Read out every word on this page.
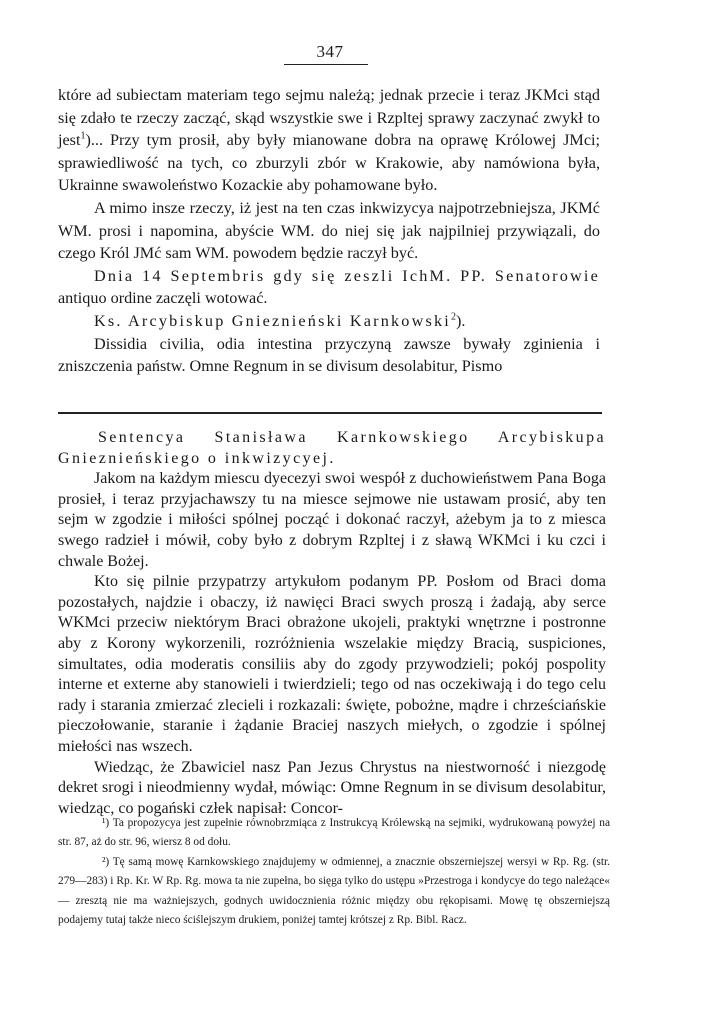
347

które ad subiectam materiam tego sejmu należą; jednak przecie i teraz JKMci stąd się zdało te rzeczy zacząć, skąd wszystkie swe i Rzpltej sprawy zaczynać zwykł to jest$^1$)... Przy tym prosił, aby były mianowane dobra na oprawę Królowej JMci; sprawiedliwość na tych, co zburzyli zbór w Krakowie, aby namówiona była, Ukrainne swawoleństwo Kozackie aby pohamowane było.

A mimo insze rzeczy, iż jest na ten czas inkwizycya najpotrzebniejsza, JKMć WM. prosi i napomina, abyście WM. do niej się jak najpilniej przywiązali, do czego Król JMć sam WM. powodem będzie raczył być.

Dnia 14 Septembris gdy się zeszli IchM. PP. Senatorowie antiquo ordine zaczęli wotować.

Ks. Arcybiskup Gnieznieński Karnkowski$^2$).

Dissidia civilia, odia intestina przyczyną zawsze bywały zginienia i zniszczenia państw. Omne Regnum in se divisum desolabitur, Pismo

Sentencya Stanisława Karnkowskiego Arcybiskupa Gnieznieńskiego o inkwizycyej.

Jakom na każdym miescu dyecezyi swoi wespół z duchowieństwem Pana Boga prosieł, i teraz przyjachawszy tu na miesce sejmowe nie ustawam prosić, aby ten sejm w zgodzie i miłości spólnej począć i dokonać raczył, ażebym ja to z miesca swego radzieł i mówił, coby było z dobrym Rzpltej i z sławą WKMci i ku czci i chwale Bożej.

Kto się pilnie przypatrzy artykułom podanym PP. Posłom od Braci doma pozostałych, najdzie i obaczy, iż nawięci Braci swych proszą i żadają, aby serce WKMci przeciw niektórym Braci obrażone ukojeli, praktyki wnętrzne i postronne aby z Korony wykorzenili, rozróżnienia wszelakie między Bracią, suspiciones, simultates, odia moderatis consiliis aby do zgody przywodzieli; pokój pospolity interne et externe aby stanowieli i twierdzieli; tego od nas oczekiwają i do tego celu rady i starania zmierzać zlecieli i rozkazali: święte, pobożne, mądre i chrześciańskie pieczołowanie, staranie i żądanie Braciej naszych miełych, o zgodzie i spólnej miełości nas wszech.

Wiedząc, że Zbawiciel nasz Pan Jezus Chrystus na niestworność i niezgodę dekret srogi i nieodmienny wydał, mówiąc: Omne Regnum in se divisum desolabitur, wiedząc, co pogański człek napisał: Concor-

¹) Ta propozycya jest zupełnie równobrzmiąca z Instrukcyą Królewską na sejmiki, wydrukowaną powyżej na str. 87, aż do str. 96, wiersz 8 od dołu.

²) Tę samą mowę Karnkowskiego znajdujemy w odmiennej, a znacznie obszerniejszej wersyi w Rp. Rg. (str. 279—283) i Rp. Kr. W Rp. Rg. mowa ta nie zupełna, bo sięga tylko do ustępu »Przestroga i kondycye do tego należące« — zresztą nie ma ważniejszych, godnych uwidocznienia różnic między obu rękopisami. Mowę tę obszerniejszą podajemy tutaj także nieco ściślejszym drukiem, poniżej tamtej krótszej z Rp. Bibl. Racz.
